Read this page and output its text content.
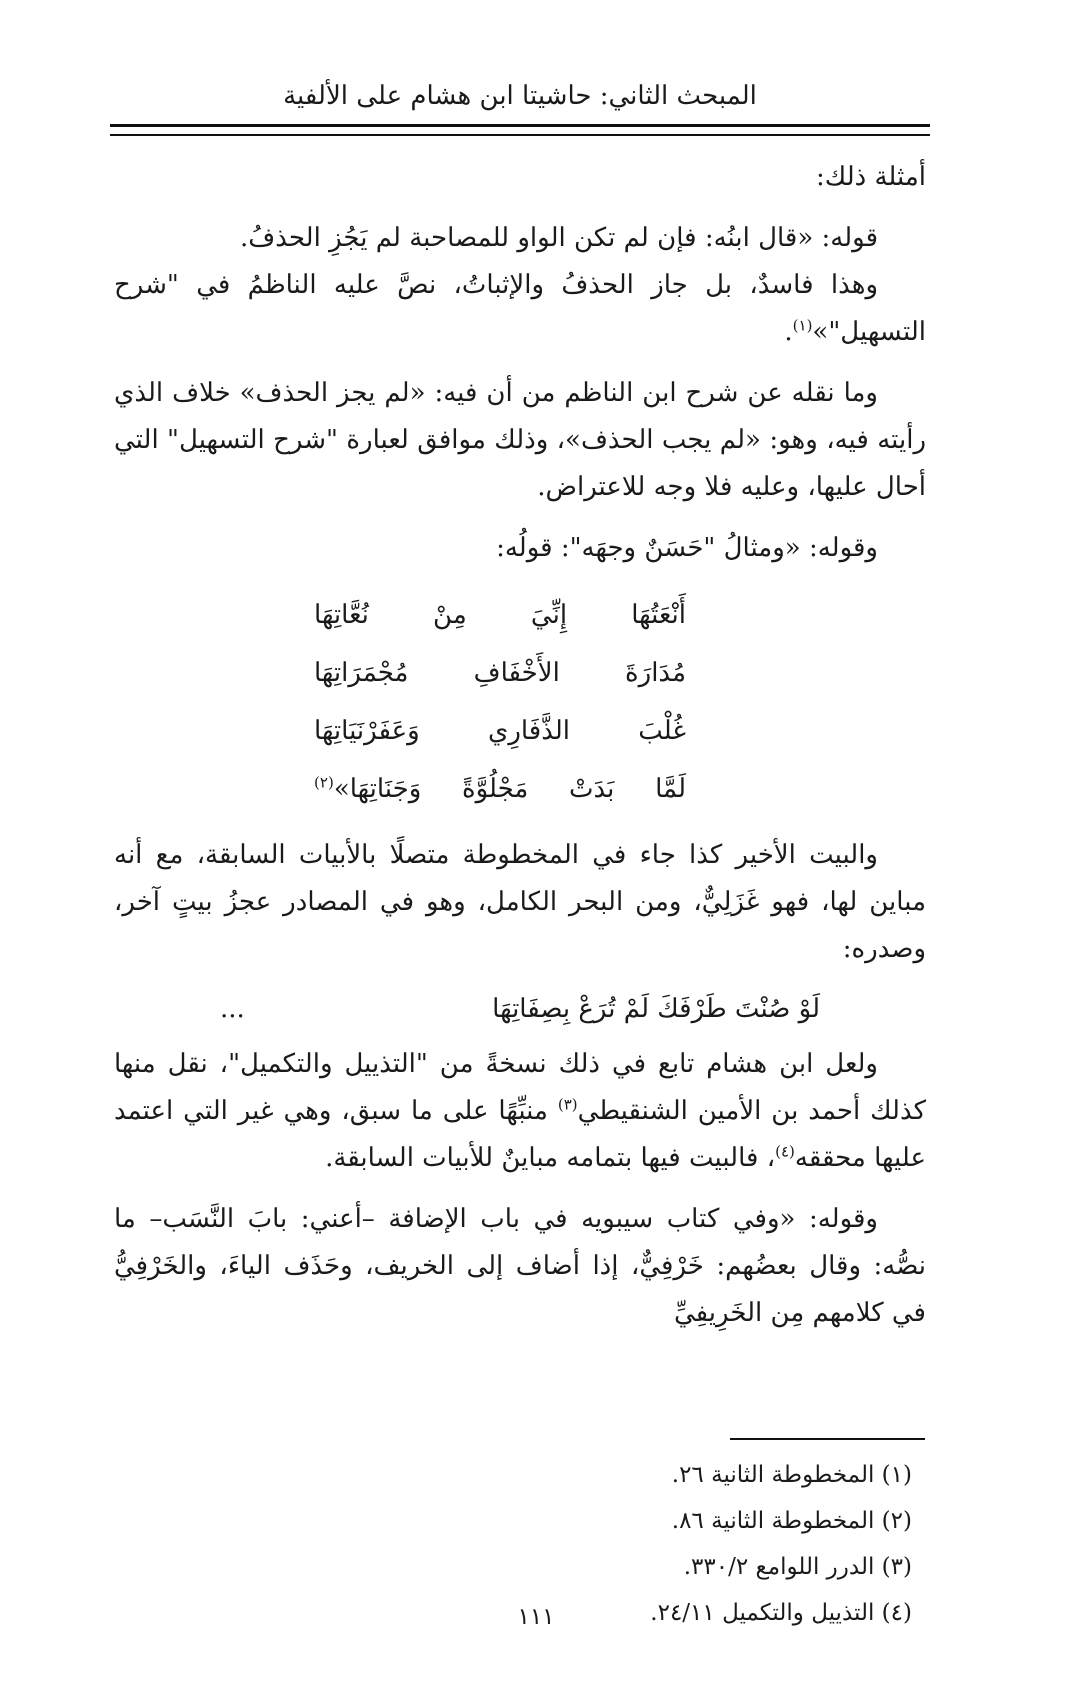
المبحث الثاني: حاشيتا ابن هشام على الألفية

أمثلة ذلك:

قوله: «قال ابنُه: فإن لم تكن الواو للمصاحبة لم يَجُزِ الحذفُ.

وهذا فاسدٌ، بل جاز الحذفُ والإثباتُ، نصَّ عليه الناظمُ في "شرح التسهيل"»$^{(١)}$.

وما نقله عن شرح ابن الناظم من أن فيه: «لم يجز الحذف» خلاف الذي رأيته فيه، وهو: «لم يجب الحذف»، وذلك موافق لعبارة "شرح التسهيل" التي أحال عليها، وعليه فلا وجه للاعتراض.

وقوله: «ومثالُ "حَسَنٌ وجهَه": قولُه:

أَنْعَتُهَا
إِنِّيَ
مِنْ
نُعَّاتِهَا
مُدَارَةَ
الأَخْفَافِ
مُجْمَرَاتِهَا
غُلْبَ
الذَّفَارِي
وَعَفَرْنَيَاتِهَا
لَمَّا
بَدَتْ
مَجْلُوَّةً
وَجَنَاتِهَا»$^{(٢)}$

والبيت الأخير كذا جاء في المخطوطة متصلًا بالأبيات السابقة، مع أنه مباين لها، فهو غَزَلِيٌّ، ومن البحر الكامل، وهو في المصادر عجزُ بيتٍ آخر، وصدره:

لَوْ صُنْتَ طَرْفَكَ لَمْ تُرَعْ بِصِفَاتِهَا
...

ولعل ابن هشام تابع في ذلك نسخةً من "التذييل والتكميل"، نقل منها كذلك أحمد بن الأمين الشنقيطي$^{(٣)}$ منبِّهًا على ما سبق، وهي غير التي اعتمد عليها محققه$^{(٤)}$، فالبيت فيها بتمامه مباينٌ للأبيات السابقة.

وقوله: «وفي كتاب سيبويه في باب الإضافة –أعني: بابَ النَّسَب– ما نصُّه: وقال بعضُهم: خَرْفِيٌّ، إذا أضاف إلى الخريف، وحَذَف الياءَ، والخَرْفِيُّ في كلامهم مِن الخَرِيفِيِّ

(١) المخطوطة الثانية ٢٦.
(٢) المخطوطة الثانية ٨٦.
(٣) الدرر اللوامع ٣٣٠/٢.
(٤) التذييل والتكميل ٢٤/١١.
١١١
